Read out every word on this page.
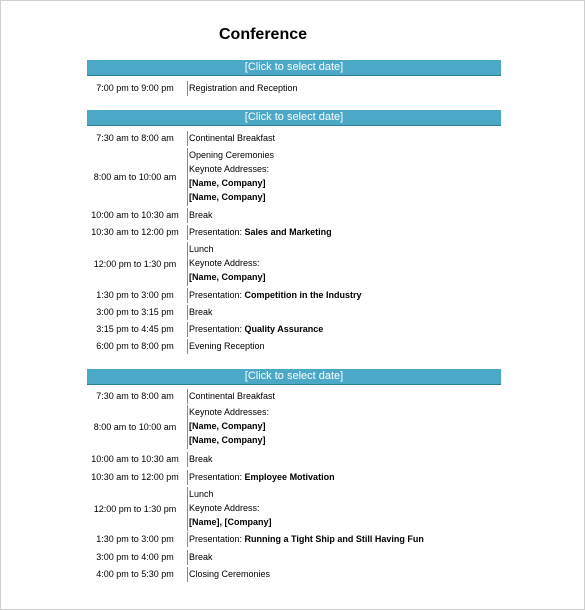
Conference
[Click to select date]
7:00 pm to 9:00 pm	Registration and Reception
[Click to select date]
7:30 am to 8:00 am	Continental Breakfast
8:00 am to 10:00 am
Opening Ceremonies
Keynote Addresses:
[Name, Company]
[Name, Company]
10:00 am to 10:30 am	Break
10:30 am to 12:00 pm	Presentation: Sales and Marketing
12:00 pm to 1:30 pm
Lunch
Keynote Address:
[Name, Company]
1:30 pm to 3:00 pm	Presentation: Competition in the Industry
3:00 pm to 3:15 pm	Break
3:15 pm to 4:45 pm	Presentation: Quality Assurance
6:00 pm to 8:00 pm	Evening Reception
[Click to select date]
7:30 am to 8:00 am	Continental Breakfast
8:00 am to 10:00 am
Keynote Addresses:
[Name, Company]
[Name, Company]
10:00 am to 10:30 am	Break
10:30 am to 12:00 pm	Presentation: Employee Motivation
12:00 pm to 1:30 pm
Lunch
Keynote Address:
[Name], [Company]
1:30 pm to 3:00 pm	Presentation: Running a Tight Ship and Still Having Fun
3:00 pm to 4:00 pm	Break
4:00 pm to 5:30 pm	Closing Ceremonies
